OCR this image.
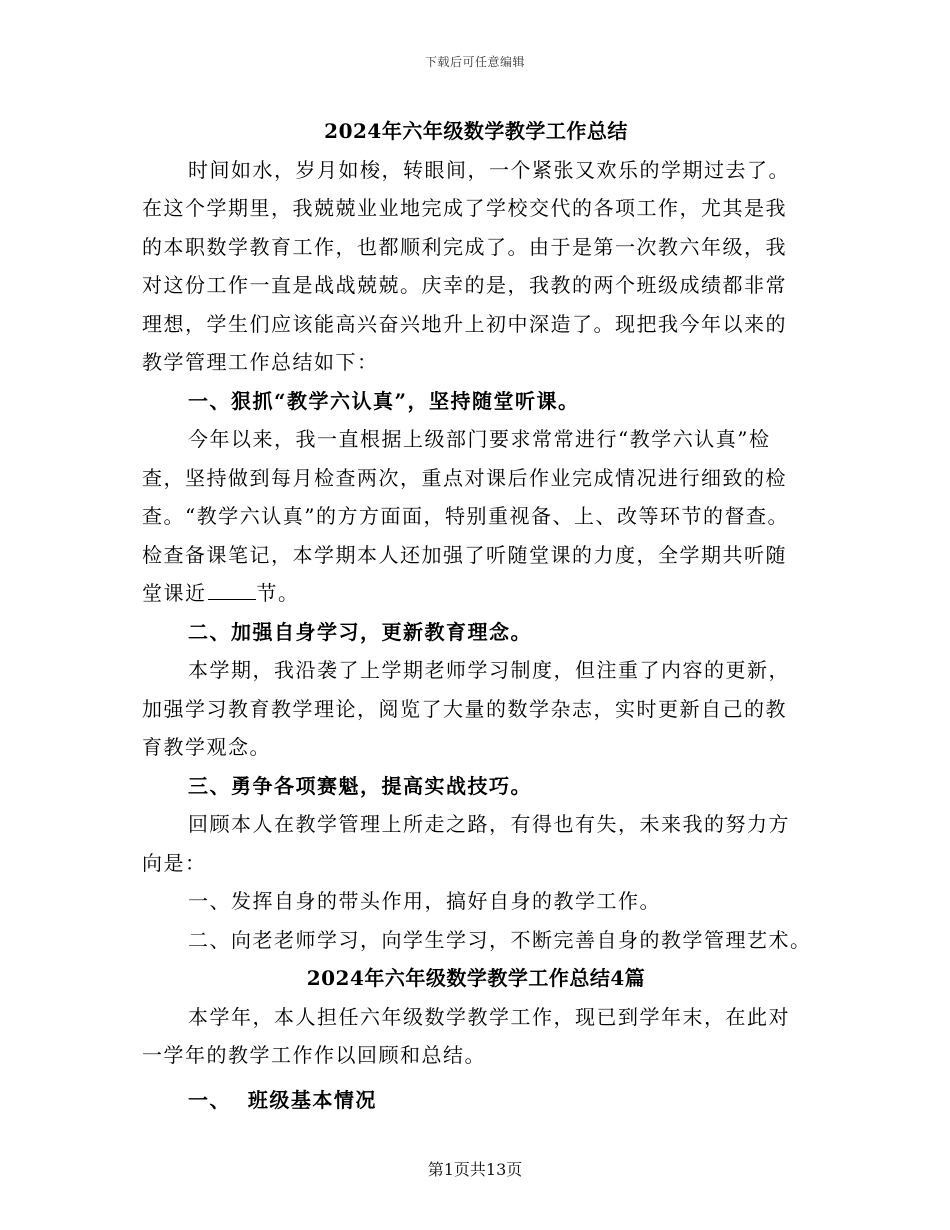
下载后可任意编辑
2024年六年级数学教学工作总结
时间如水，岁月如梭，转眼间，一个紧张又欢乐的学期过去了。
在这个学期里，我兢兢业业地完成了学校交代的各项工作，尤其是我
的本职数学教育工作，也都顺利完成了。由于是第一次教六年级，我
对这份工作一直是战战兢兢。庆幸的是，我教的两个班级成绩都非常
理想，学生们应该能高兴奋兴地升上初中深造了。现把我今年以来的
教学管理工作总结如下：
一、狠抓“教学六认真”，坚持随堂听课。
今年以来，我一直根据上级部门要求常常进行“教学六认真”检
查，坚持做到每月检查两次，重点对课后作业完成情况进行细致的检
查。“教学六认真”的方方面面，特别重视备、上、改等环节的督查。
检查备课笔记，本学期本人还加强了听随堂课的力度，全学期共听随
堂课近	节。
二、加强自身学习，更新教育理念。
本学期，我沿袭了上学期老师学习制度，但注重了内容的更新，
加强学习教育教学理论，阅览了大量的数学杂志，实时更新自己的教
育教学观念。
三、勇争各项赛魁，提高实战技巧。
回顾本人在教学管理上所走之路，有得也有失，未来我的努力方
向是：
一、发挥自身的带头作用，搞好自身的教学工作。
二、向老老师学习，向学生学习，不断完善自身的教学管理艺术。
2024年六年级数学教学工作总结4篇
本学年，本人担任六年级数学教学工作，现已到学年末，在此对
一学年的教学工作作以回顾和总结。
一、  班级基本情况
第1页共13页
